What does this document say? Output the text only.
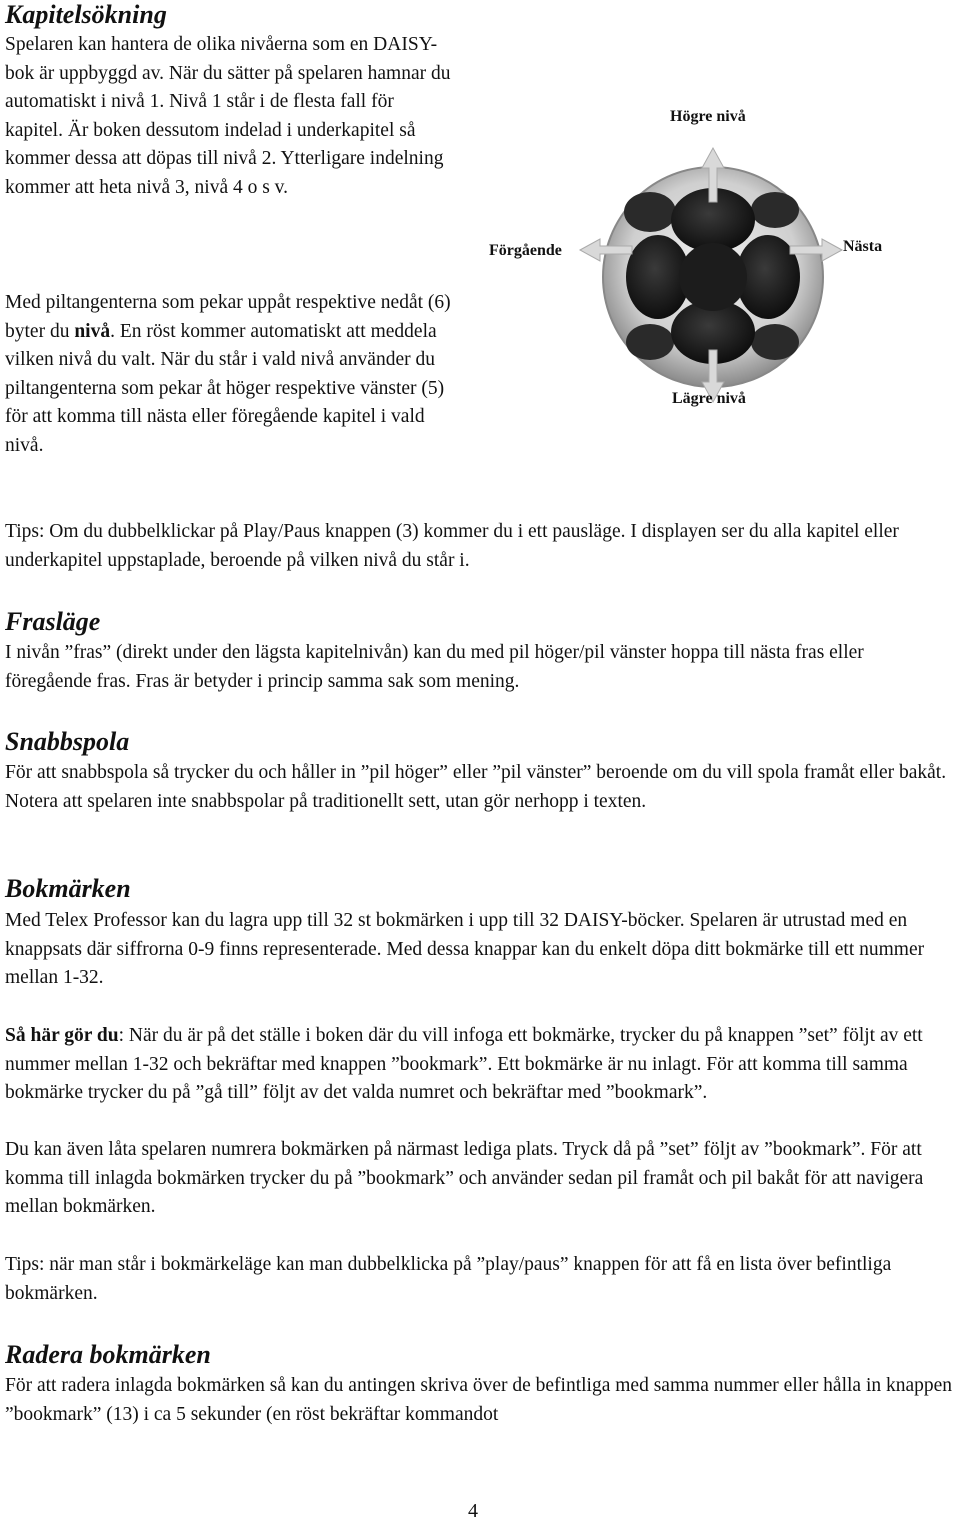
Kapitelsökning

Spelaren kan hantera de olika nivåerna som en DAISY-bok är uppbyggd av. När du sätter på spelaren hamnar du automatiskt i nivå 1. Nivå 1 står i de flesta fall för kapitel. Är boken dessutom indelad i underkapitel så kommer dessa att döpas till nivå 2. Ytterligare indelning kommer att heta nivå 3, nivå 4 o s v.

Med piltangenterna som pekar uppåt respektive nedåt (6) byter du nivå. En röst kommer automatiskt att meddela vilken nivå du valt. När du står i vald nivå använder du piltangenterna som pekar åt höger respektive vänster (5) för att komma till nästa eller föregående kapitel i vald nivå.

Högre nivå
Förgående	Nästa
Lägre nivå

Tips: Om du dubbelklickar på Play/Paus knappen (3) kommer du i ett pausläge. I displayen ser du alla kapitel eller underkapitel uppstaplade, beroende på vilken nivå du står i.

Frasläge

I nivån ”fras” (direkt under den lägsta kapitelnivån) kan du med pil höger/pil vänster hoppa till nästa fras eller föregående fras. Fras är betyder i princip samma sak som mening.

Snabbspola

För att snabbspola så trycker du och håller in ”pil höger” eller ”pil vänster” beroende om du vill spola framåt eller bakåt. Notera att spelaren inte snabbspolar på traditionellt sett, utan gör nerhopp i texten.

Bokmärken

Med Telex Professor kan du lagra upp till 32 st bokmärken i upp till 32 DAISY-böcker. Spelaren är utrustad med en knappsats där siffrorna 0-9 finns representerade. Med dessa knappar kan du enkelt döpa ditt bokmärke till ett nummer mellan 1-32.

Så här gör du: När du är på det ställe i boken där du vill infoga ett bokmärke, trycker du på knappen ”set” följt av ett nummer mellan 1-32 och bekräftar med knappen ”bookmark”. Ett bokmärke är nu inlagt. För att komma till samma bokmärke trycker du på ”gå till” följt av det valda numret och bekräftar med ”bookmark”.

Du kan även låta spelaren numrera bokmärken på närmast lediga plats. Tryck då på ”set” följt av ”bookmark”. För att komma till inlagda bokmärken trycker du på ”bookmark” och använder sedan pil framåt och pil bakåt för att navigera mellan bokmärken.

Tips: när man står i bokmärkeläge kan man dubbelklicka på ”play/paus” knappen för att få en lista över befintliga bokmärken.

Radera bokmärken

För att radera inlagda bokmärken så kan du antingen skriva över de befintliga med samma nummer eller hålla in knappen ”bookmark” (13) i ca 5 sekunder (en röst bekräftar kommandot

4
